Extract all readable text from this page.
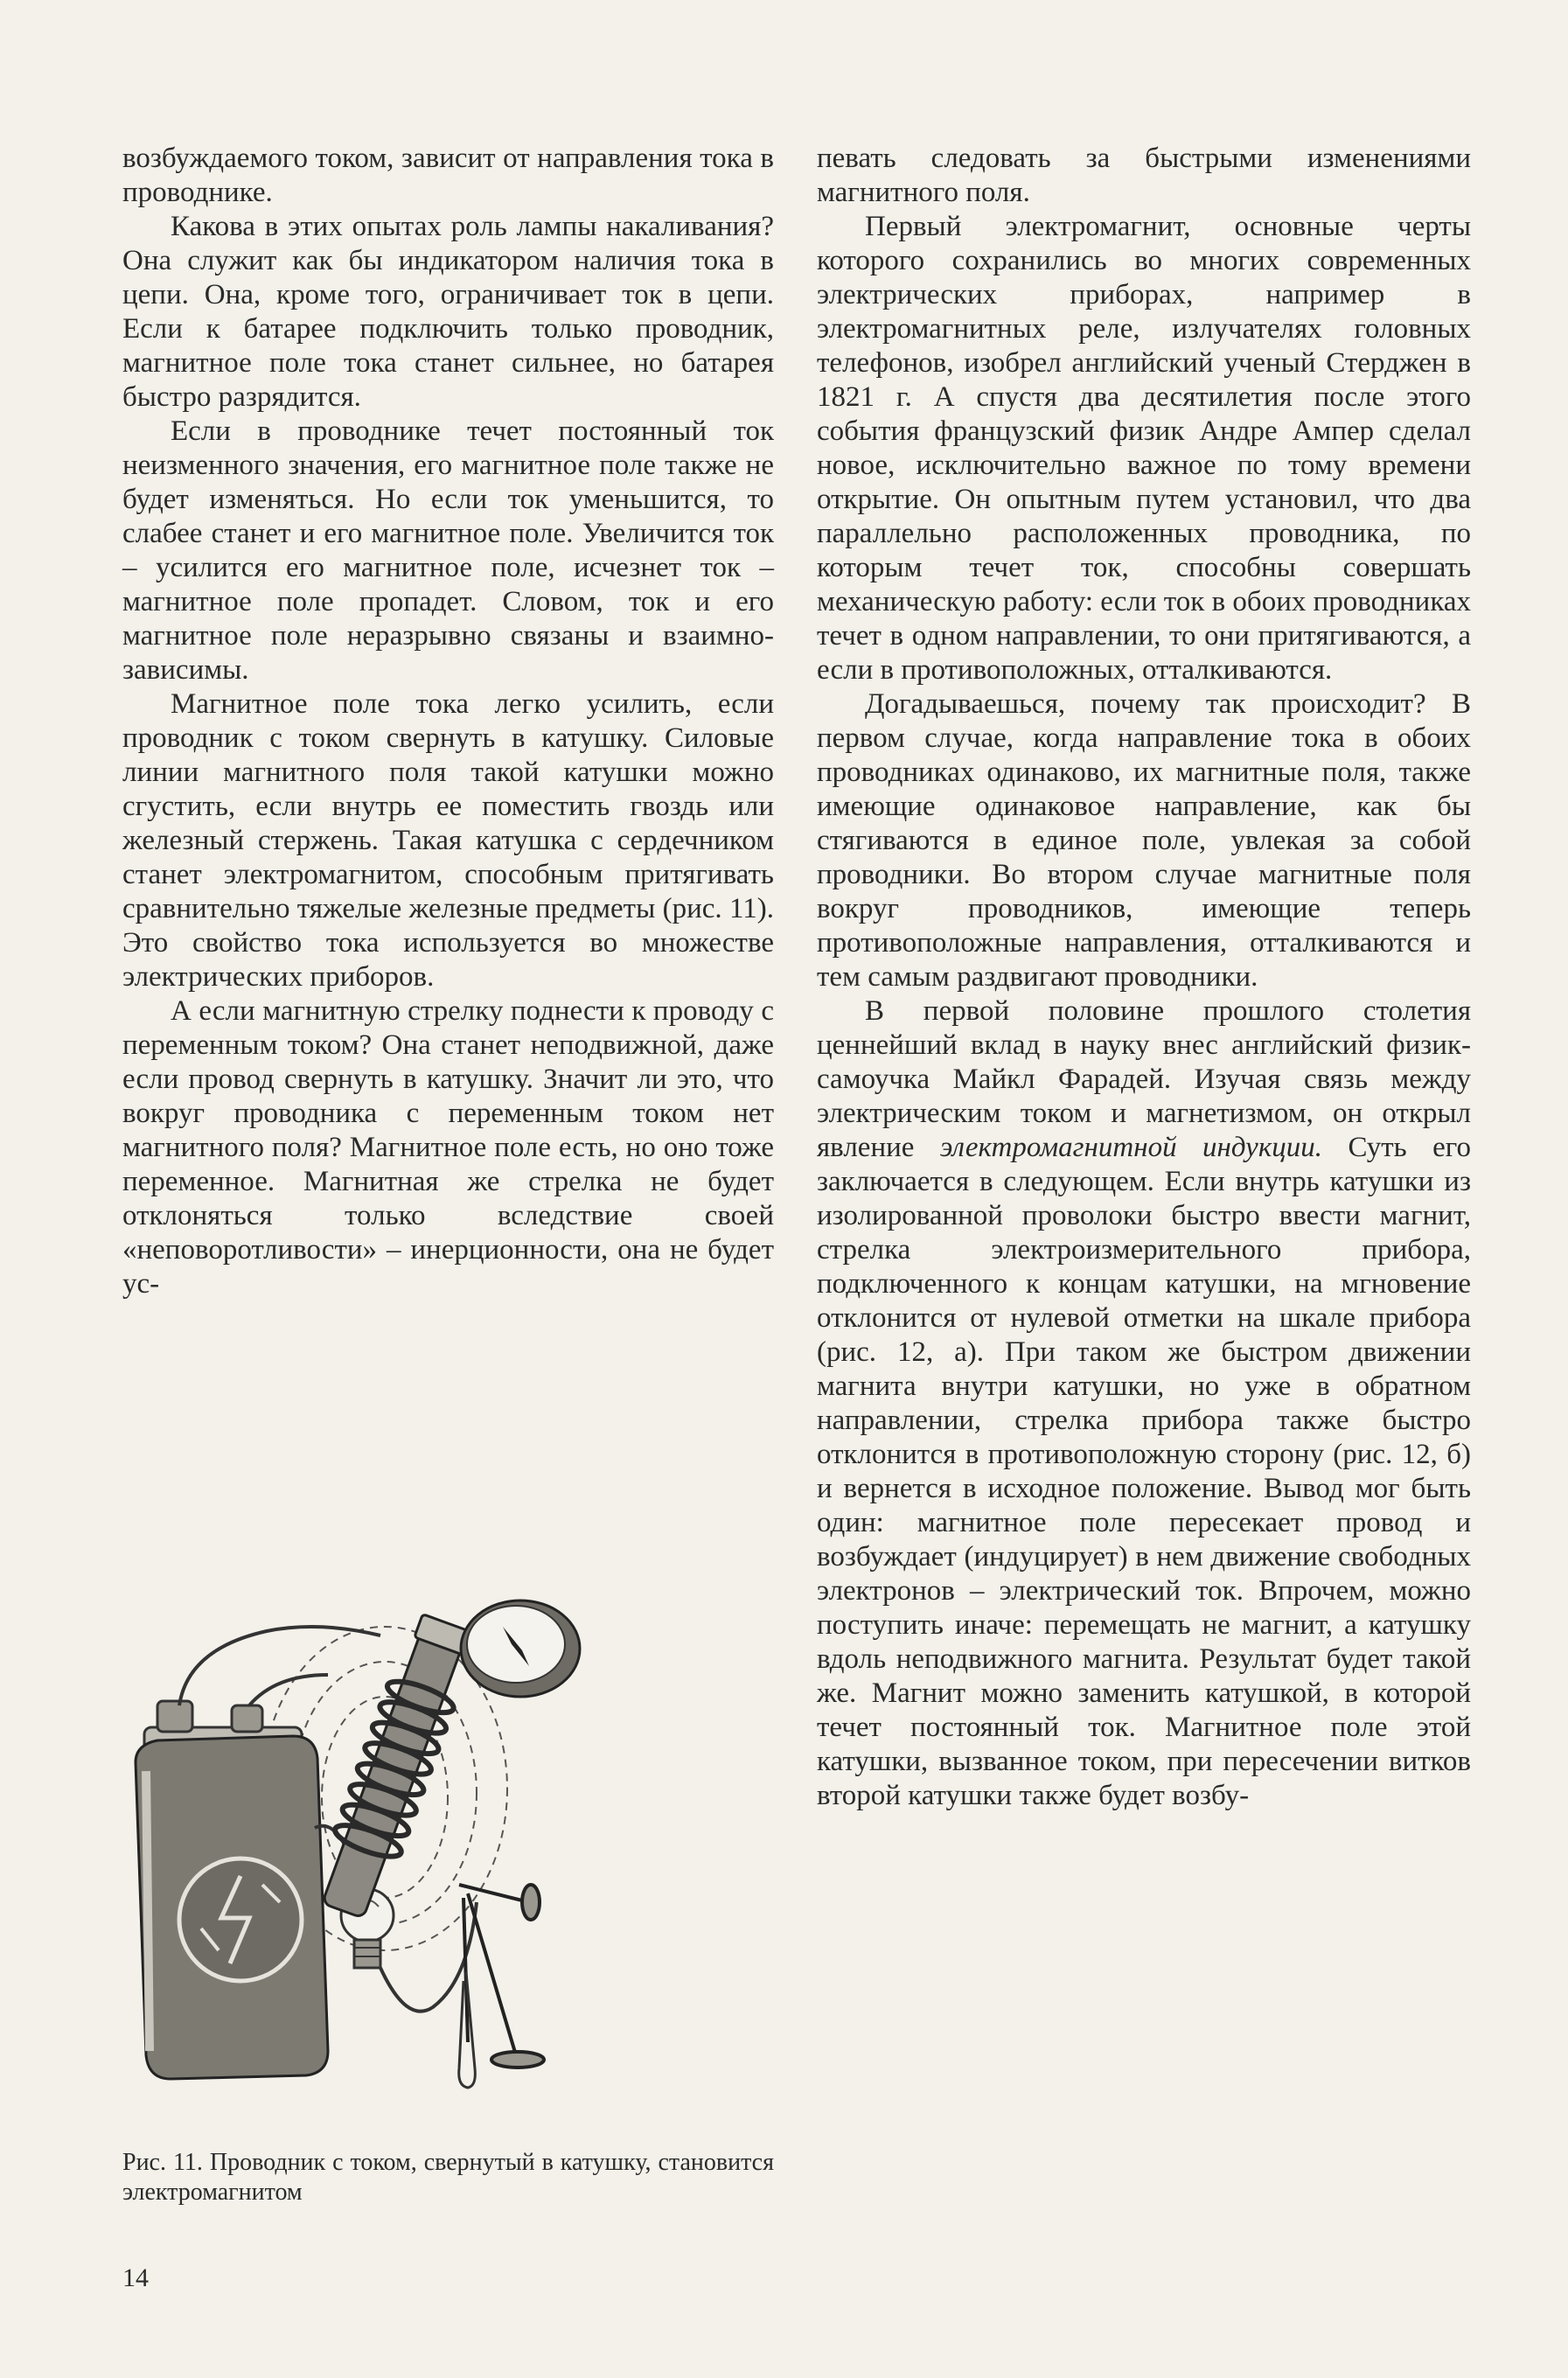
возбуждаемого током, зависит от направления тока в проводнике.

Какова в этих опытах роль лампы накаливания? Она служит как бы индикатором наличия тока в цепи. Она, кроме того, ограничивает ток в цепи. Если к батарее подключить только проводник, магнитное поле тока станет сильнее, но батарея быстро разрядится.

Если в проводнике течет постоянный ток неизменного значения, его магнитное поле также не будет изменяться. Но если ток уменьшится, то слабее станет и его магнитное поле. Увеличится ток – усилится его магнитное поле, исчезнет ток – магнитное поле пропадет. Словом, ток и его магнитное поле неразрывно связаны и взаимно-зависимы.

Магнитное поле тока легко усилить, если проводник с током свернуть в катушку. Силовые линии магнитного поля такой катушки можно сгустить, если внутрь ее поместить гвоздь или железный стержень. Такая катушка с сердечником станет электромагнитом, способным притягивать сравнительно тяжелые железные предметы (рис. 11). Это свойство тока используется во множестве электрических приборов.

А если магнитную стрелку поднести к проводу с переменным током? Она станет неподвижной, даже если провод свернуть в катушку. Значит ли это, что вокруг проводника с переменным током нет магнитного поля? Магнитное поле есть, но оно тоже переменное. Магнитная же стрелка не будет отклоняться только вследствие своей «неповоротливости» – инерционности, она не будет ус-

певать следовать за быстрыми изменениями магнитного поля.

Первый электромагнит, основные черты которого сохранились во многих современных электрических приборах, например в электромагнитных реле, излучателях головных телефонов, изобрел английский ученый Стерджен в 1821 г. А спустя два десятилетия после этого события французский физик Андре Ампер сделал новое, исключительно важное по тому времени открытие. Он опытным путем установил, что два параллельно расположенных проводника, по которым течет ток, способны совершать механическую работу: если ток в обоих проводниках течет в одном направлении, то они притягиваются, а если в противоположных, отталкиваются.

Догадываешься, почему так происходит? В первом случае, когда направление тока в обоих проводниках одинаково, их магнитные поля, также имеющие одинаковое направление, как бы стягиваются в единое поле, увлекая за собой проводники. Во втором случае магнитные поля вокруг проводников, имеющие теперь противоположные направления, отталкиваются и тем самым раздвигают проводники.

В первой половине прошлого столетия ценнейший вклад в науку внес английский физик-самоучка Майкл Фарадей. Изучая связь между электрическим током и магнетизмом, он открыл явление электромагнитной индукции. Суть его заключается в следующем. Если внутрь катушки из изолированной проволоки быстро ввести магнит, стрелка электроизмерительного прибора, подключенного к концам катушки, на мгновение отклонится от нулевой отметки на шкале прибора (рис. 12, а). При таком же быстром движении магнита внутри катушки, но уже в обратном направлении, стрелка прибора также быстро отклонится в противоположную сторону (рис. 12, б) и вернется в исходное положение. Вывод мог быть один: магнитное поле пересекает провод и возбуждает (индуцирует) в нем движение свободных электронов – электрический ток. Впрочем, можно поступить иначе: перемещать не магнит, а катушку вдоль неподвижного магнита. Результат будет такой же. Магнит можно заменить катушкой, в которой течет постоянный ток. Магнитное поле этой катушки, вызванное током, при пересечении витков второй катушки также будет возбу-

Рис. 11. Проводник с током, свернутый в катушку, становится электромагнитом
14
